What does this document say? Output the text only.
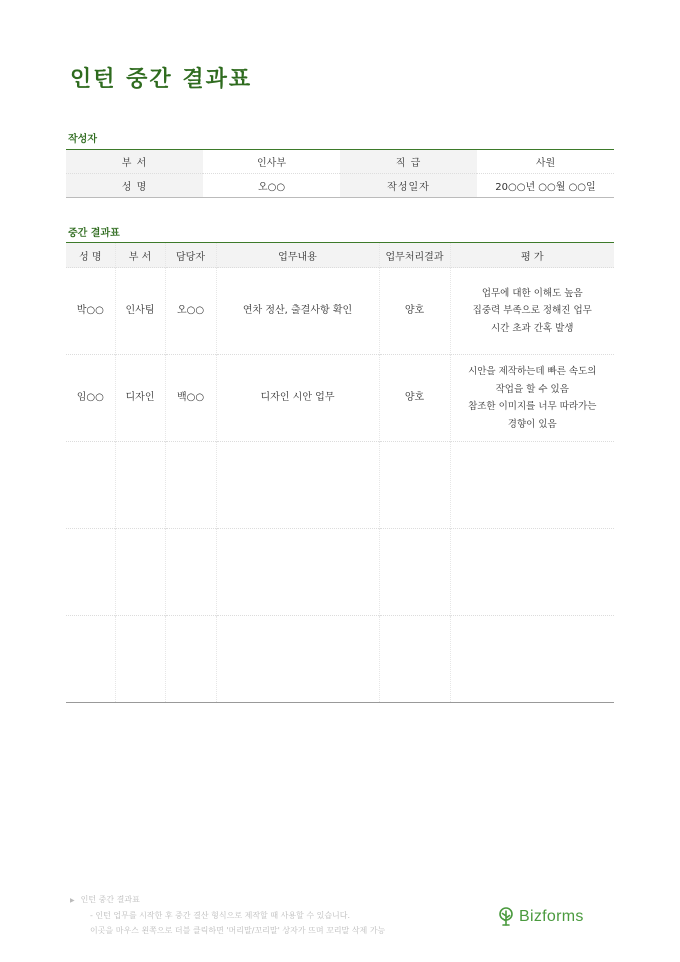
인턴 중간 결과표
작성자
부 서	인사부	직 급	사원
성 명	오○○	작성일자	20○○년 ○○월 ○○일
중간 결과표
성 명	부 서	담당자	업무내용	업무처리결과	평 가
박○○	인사팀	오○○	연차 정산, 출결사항 확인	양호	업무에 대한 이해도 높음
집중력 부족으로 정해진 업무
시간 초과 간혹 발생

임○○	디자인	백○○	디자인 시안 업무	양호	시안을 제작하는데 빠른 속도의
작업을 할 수 있음
참조한 이미지를 너무 따라가는
경향이 있음

▶ 인턴 중간 결과표
- 인턴 업무를 시작한 후 중간 결산 형식으로 제작할 때 사용할 수 있습니다.
이곳을 마우스 왼쪽으로 더블 클릭하면 '머리말/꼬리말' 상자가 뜨며 꼬리말 삭제 가능
Bizforms
